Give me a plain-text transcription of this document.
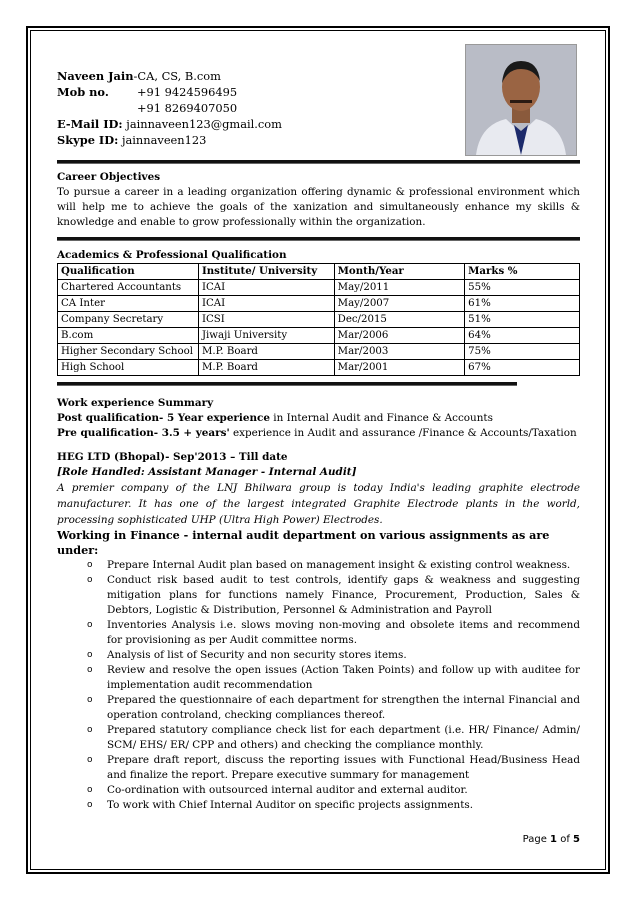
Naveen Jain-CA, CS, B.com
Mob no. +91 9424596495
+91 8269407050
E-Mail ID: jainnaveen123@gmail.com
Skype ID: jainnaveen123
Career Objectives
To pursue a career in a leading organization offering dynamic & professional environment which will help me to achieve the goals of the xanization and simultaneously enhance my skills & knowledge and enable to grow professionally within the organization.
Academics & Professional Qualification
Qualification	Institute/ University	Month/Year	Marks %
Chartered Accountants	ICAI	May/2011	55%
CA Inter	ICAI	May/2007	61%
Company Secretary	ICSI	Dec/2015	51%
B.com	Jiwaji University	Mar/2006	64%
Higher Secondary School	M.P. Board	Mar/2003	75%
High School	M.P. Board	Mar/2001	67%
Work experience Summary
Post qualification- 5 Year experience in Internal Audit and Finance & Accounts
Pre qualification- 3.5 + years' experience in Audit and assurance /Finance & Accounts/Taxation
HEG LTD (Bhopal)- Sep'2013 – Till date
[Role Handled: Assistant Manager - Internal Audit]
A premier company of the LNJ Bhilwara group is today India's leading graphite electrode manufacturer. It has one of the largest integrated Graphite Electrode plants in the world, processing sophisticated UHP (Ultra High Power) Electrodes.
Working in Finance - internal audit department on various assignments as are under:
o Prepare Internal Audit plan based on management insight & existing control weakness.
o Conduct risk based audit to test controls, identify gaps & weakness and suggesting mitigation plans for functions namely Finance, Procurement, Production, Sales & Debtors, Logistic & Distribution, Personnel & Administration and Payroll
o Inventories Analysis i.e. slows moving non-moving and obsolete items and recommend for provisioning as per Audit committee norms.
o Analysis of list of Security and non security stores items.
o Review and resolve the open issues (Action Taken Points) and follow up with auditee for implementation audit recommendation
o Prepared the questionnaire of each department for strengthen the internal Financial and operation controland, checking compliances thereof.
o Prepared statutory compliance check list for each department (i.e. HR/ Finance/ Admin/ SCM/ EHS/ ER/ CPP and others) and checking the compliance monthly.
o Prepare draft report, discuss the reporting issues with Functional Head/Business Head and finalize the report. Prepare executive summary for management
o Co-ordination with outsourced internal auditor and external auditor.
o To work with Chief Internal Auditor on specific projects assignments.
Page 1 of 5
